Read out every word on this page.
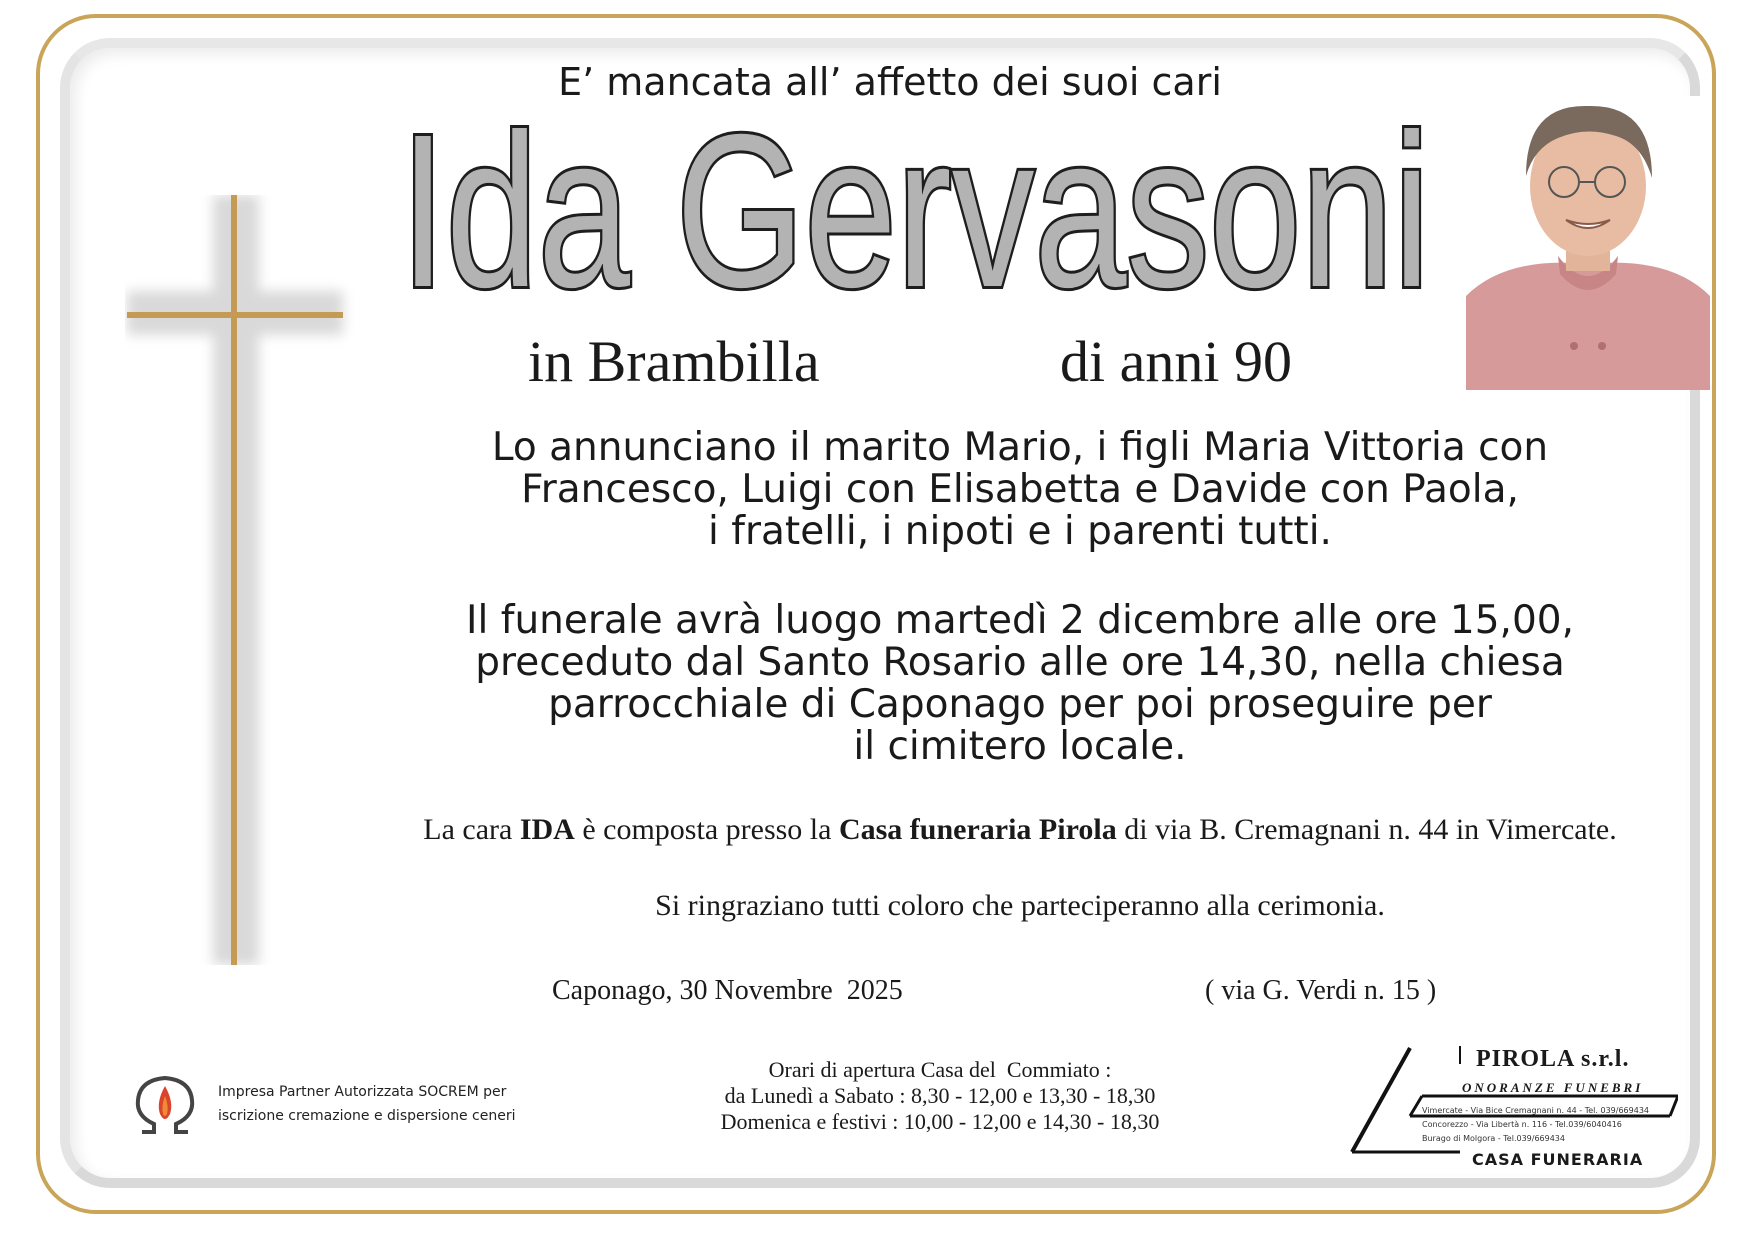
E’ mancata all’ affetto dei suoi cari
Ida Gervasoni
in Brambilla	di anni 90
Lo annunciano il marito Mario, i figli Maria Vittoria con
Francesco, Luigi con Elisabetta e Davide con Paola,
i fratelli, i nipoti e i parenti tutti.
Il funerale avrà luogo martedì 2 dicembre alle ore 15,00,
preceduto dal Santo Rosario alle ore 14,30, nella chiesa
parrocchiale di Caponago per poi proseguire per
il cimitero locale.
La cara IDA è composta presso la Casa funeraria Pirola di via B. Cremagnani n. 44 in Vimercate.
Si ringraziano tutti coloro che parteciperanno alla cerimonia.
Caponago, 30 Novembre  2025	( via G. Verdi n. 15 )
Impresa Partner Autorizzata SOCREM per
iscrizione cremazione e dispersione ceneri
Orari di apertura Casa del  Commiato :
da Lunedì a Sabato : 8,30 - 12,00 e 13,30 - 18,30
Domenica e festivi : 10,00 - 12,00 e 14,30 - 18,30
PIROLA s.r.l.
ONORANZE FUNEBRI
Vimercate - Via Bice Cremagnani n. 44 - Tel. 039/669434
Concorezzo - Via Libertà n. 116 - Tel.039/6040416
Burago di Molgora - Tel.039/669434
CASA FUNERARIA
